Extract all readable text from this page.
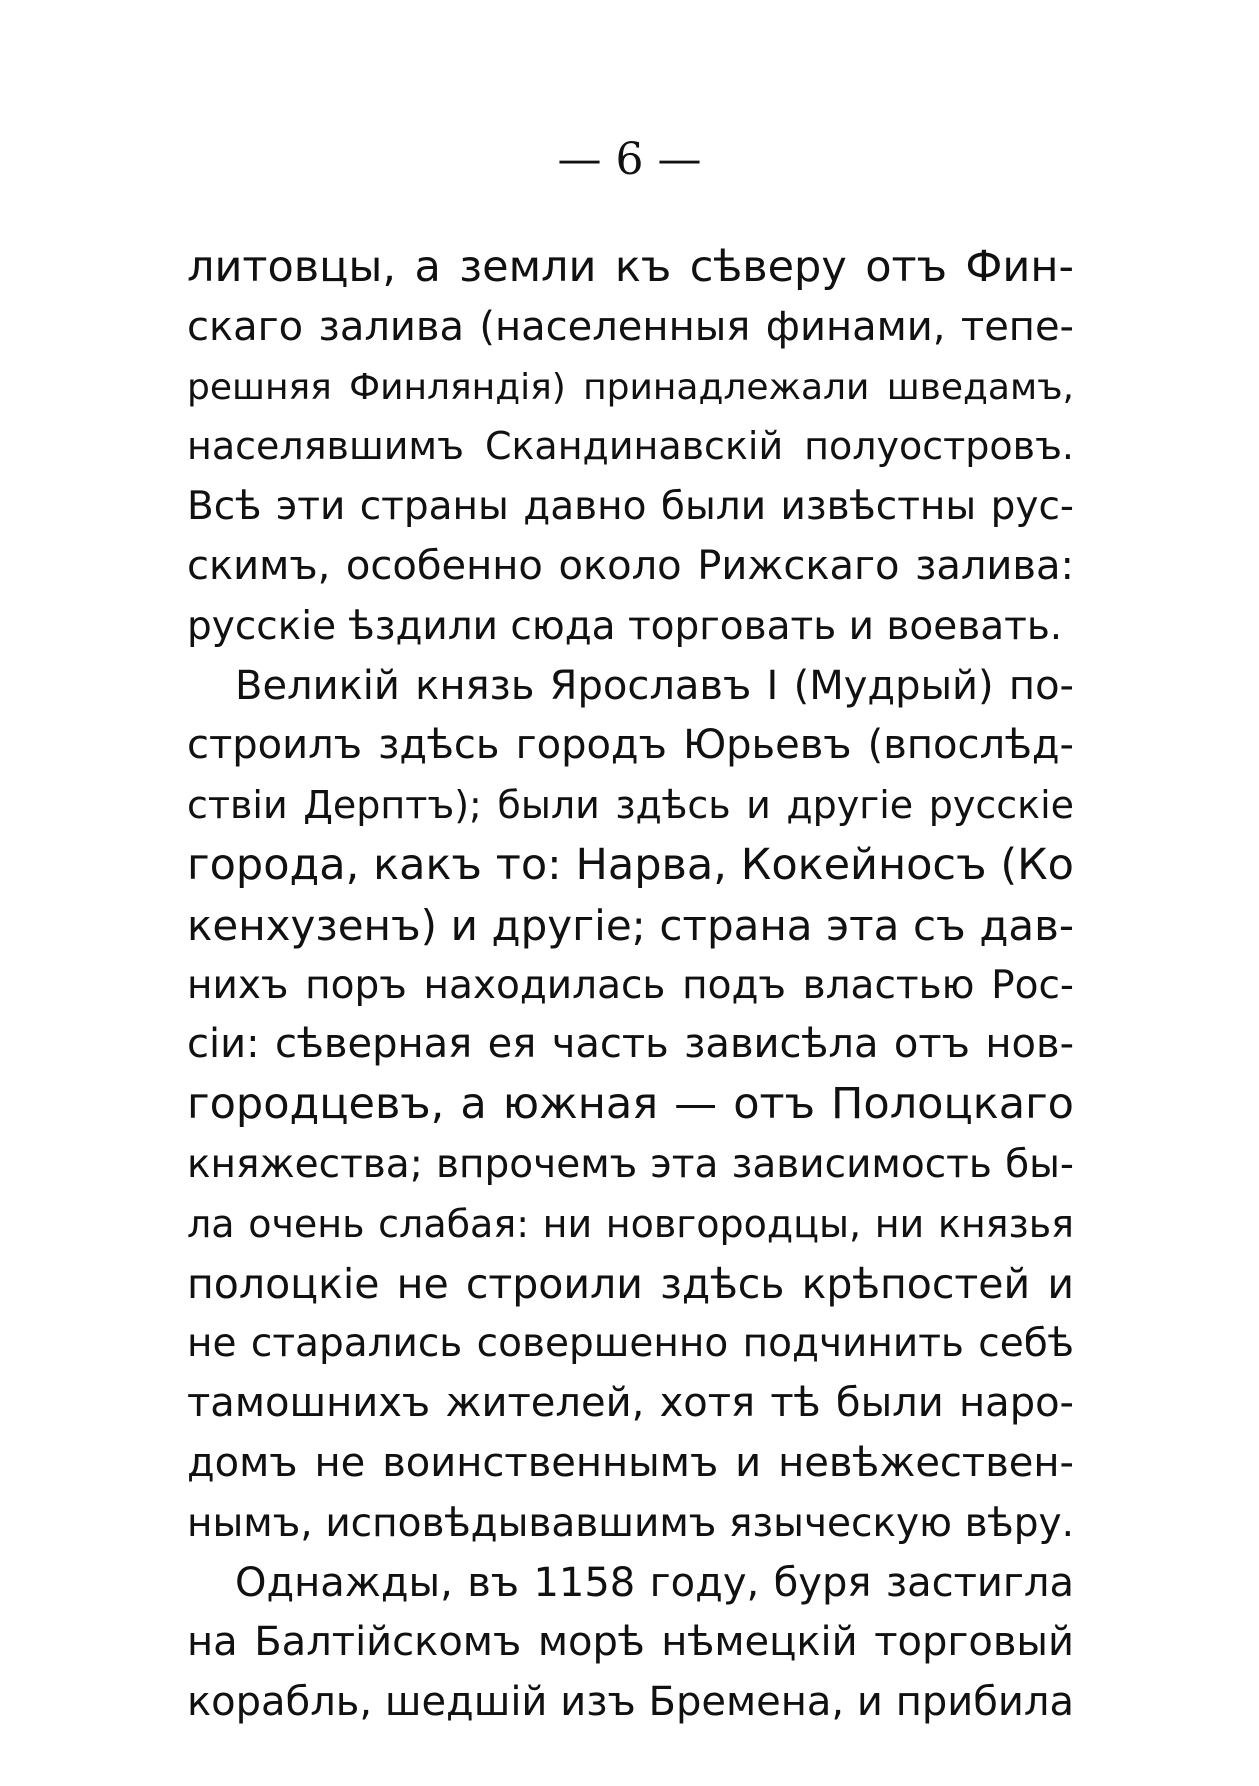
— 6 —
литовцы, а земли къ сѣверу отъ Фин-
скаго залива (населенныя финами, тепе-
решняя Финляндія) принадлежали шведамъ,
населявшимъ Скандинавскій полуостровъ.
Всѣ эти страны давно были извѣстны рус-
скимъ, особенно около Рижскаго залива:
русскіе ѣздили сюда торговать и воевать.
Великій князь Ярославъ I (Мудрый) по-
строилъ здѣсь городъ Юрьевъ (впослѣд-
ствіи Дерптъ); были здѣсь и другіе русскіе
города, какъ то: Нарва, Кокейносъ (Ко
кенхузенъ) и другіе; страна эта съ дав-
нихъ поръ находилась подъ властью Рос-
сіи: сѣверная ея часть зависѣла отъ нов-
городцевъ, а южная — отъ Полоцкаго
княжества; впрочемъ эта зависимость бы-
ла очень слабая: ни новгородцы, ни князья
полоцкіе не строили здѣсь крѣпостей и
не старались совершенно подчинить себѣ
тамошнихъ жителей, хотя тѣ были наро-
домъ не воинственнымъ и невѣжествен-
нымъ, исповѣдывавшимъ языческую вѣру.
Однажды, въ 1158 году, буря застигла
на Балтійскомъ морѣ нѣмецкій торговый
корабль, шедшій изъ Бремена, и прибила
